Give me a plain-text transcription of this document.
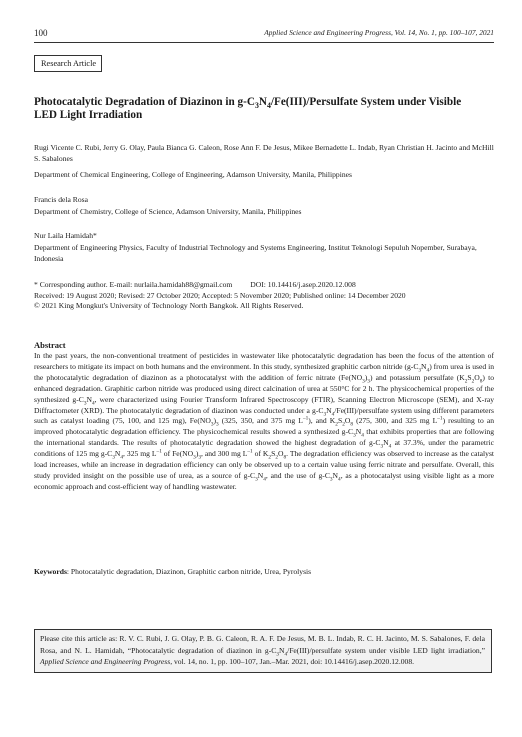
100	Applied Science and Engineering Progress, Vol. 14, No. 1, pp. 100–107, 2021
Research Article
Photocatalytic Degradation of Diazinon in $g-C_3N_4/Fe(III)$/Persulfate System under Visible LED Light Irradiation
Rugi Vicente C. Rubi, Jerry G. Olay, Paula Bianca G. Caleon, Rose Ann F. De Jesus, Mikee Bernadette L. Indab, Ryan Christian H. Jacinto and McHill S. Sabalones
Department of Chemical Engineering, College of Engineering, Adamson University, Manila, Philippines
Francis dela Rosa
Department of Chemistry, College of Science, Adamson University, Manila, Philippines
Nur Laila Hamidah*
Department of Engineering Physics, Faculty of Industrial Technology and Systems Engineering, Institut Teknologi Sepuluh Nopember, Surabaya, Indonesia

* Corresponding author. E-mail: nurlaila.hamidah88@gmail.com DOI: 10.14416/j.asep.2020.12.008

Received: 19 August 2020; Revised: 27 October 2020; Accepted: 5 November 2020; Published online: 14 December 2020

© 2021 King Mongkut's University of Technology North Bangkok. All Rights Reserved.

Abstract

In the past years, the non-conventional treatment of pesticides in wastewater like photocatalytic degradation has been the focus of the attention of researchers to mitigate its impact on both humans and the environment. In this study, synthesized graphitic carbon nitride $(g-C_3N_4)$ from urea is used in the photocatalytic degradation of diazinon as a photocatalyst with the addition of ferric nitrate $(Fe(NO_3)_3)$ and potassium persulfate $(K_2S_2O_8)$ to enhanced degradation. Graphitic carbon nitride was produced using direct calcination of urea at 550°C for 2 h. The physicochemical properties of the synthesized $g-C_3N_4$, were characterized using Fourier Transform Infrared Spectroscopy (FTIR), Scanning Electron Microscope (SEM), and X-ray Diffractometer (XRD). The photocatalytic degradation of diazinon was conducted under a $g-C_3N_4/Fe(III)$/persulfate system using different parameters such as catalyst loading (75, 100, and 125 mg), $Fe(NO_3)_3$ (325, 350, and 375 mg $L^{-1}$), and $K_2S_2O_8$ (275, 300, and 325 mg $L^{-1}$) resulting to an improved photocatalytic degradation efficiency. The physicochemical results showed a synthesized $g-C_3N_4$ that exhibits properties that are following the international standards. The results of photocatalytic degradation showed the highest degradation of $g-C_3N_4$ at 37.3%, under the parametric conditions of 125 mg $g-C_3N_4$, 325 mg $L^{-1}$ of $Fe(NO_3)_3$, and 300 mg $L^{-1}$ of $K_2S_2O_8$. The degradation efficiency was observed to increase as the catalyst load increases, while an increase in degradation efficiency can only be observed up to a certain value using ferric nitrate and persulfate. Overall, this study provided insight on the possible use of urea, as a source of $g-C_3N_4$, and the use of $g-C_3N_4$, as a photocatalyst using visible light as a more economic approach and cost-efficient way of handling wastewater.

Keywords: Photocatalytic degradation, Diazinon, Graphitic carbon nitride, Urea, Pyrolysis
Please cite this article as: R. V. C. Rubi, J. G. Olay, P. B. G. Caleon, R. A. F. De Jesus, M. B. L. Indab, R. C. H. Jacinto, M. S. Sabalones, F. dela Rosa, and N. L. Hamidah, “Photocatalytic degradation of diazinon in $g-C_3N_4/Fe(III)$/persulfate system under visible LED light irradiation,” Applied Science and Engineering Progress, vol. 14, no. 1, pp. 100–107, Jan.–Mar. 2021, doi: 10.14416/j.asep.2020.12.008.
